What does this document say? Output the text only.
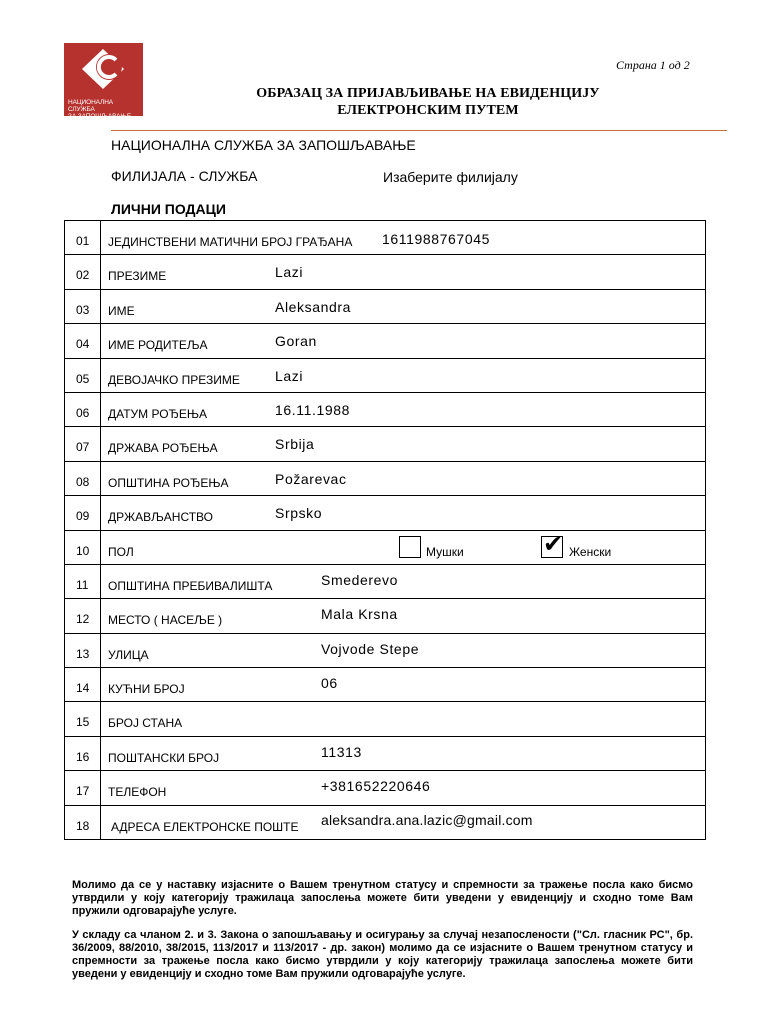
НАЦИОНАЛНА СЛУЖБА
ЗА ЗАПОШЉАВАЊЕ
Страна 1 од 2
ОБРАЗАЦ ЗА ПРИЈАВЉИВАЊЕ НА ЕВИДЕНЦИЈУ
ЕЛЕКТРОНСКИМ ПУТЕМ
НАЦИОНАЛНА СЛУЖБА ЗА ЗАПОШЉАВАЊЕ
ФИЛИЈАЛА - СЛУЖБА	Изаберите филијалу
ЛИЧНИ ПОДАЦИ
01 ЈЕДИНСТВЕНИ МАТИЧНИ БРОЈ ГРАЂАНА 1611988767045
02 ПРЕЗИМЕ	Lazi
03 ИМЕ	Aleksandra
04 ИМЕ РОДИТЕЉА	Goran
05 ДЕВОЈАЧКО ПРЕЗИМЕ	Lazi
06 ДАТУМ РОЂЕЊА	16.11.1988
07 ДРЖАВА РОЂЕЊА	Srbija
08 ОПШТИНА РОЂЕЊА	Požarevac
09 ДРЖАВЉАНСТВО	Srpsko
10 ПОЛ	Мушки	✔ Женски
11 ОПШТИНА ПРЕБИВАЛИШТА	Smederevo
12 МЕСТО ( НАСЕЉЕ )	Mala Krsna
13 УЛИЦА	Vojvode Stepe
14 КУЋНИ БРОЈ	06
15 БРОЈ СТАНА
16 ПОШТАНСКИ БРОЈ	11313
17 ТЕЛЕФОН	+381652220646
18 АДРЕСА ЕЛЕКТРОНСКЕ ПОШТЕ aleksandra.ana.lazic@gmail.com
Молимо да се у наставку изјасните о Вашем тренутном статусу и спремности за тражење посла како бисмо утврдили у коју категорију тражилаца запослења можете бити уведени у евиденцију и сходно томе Вам пружили одговарајуће услуге.
У складу са чланом 2. и 3. Закона о запошљавању и осигурању за случај незапослености ("Сл. гласник РС", бр. 36/2009, 88/2010, 38/2015, 113/2017 и 113/2017 - др. закон) молимо да се изјасните о Вашем тренутном статусу и спремности за тражење посла како бисмо утврдили у коју категорију тражилаца запослења можете бити уведени у евиденцију и сходно томе Вам пружили одговарајуће услуге.
